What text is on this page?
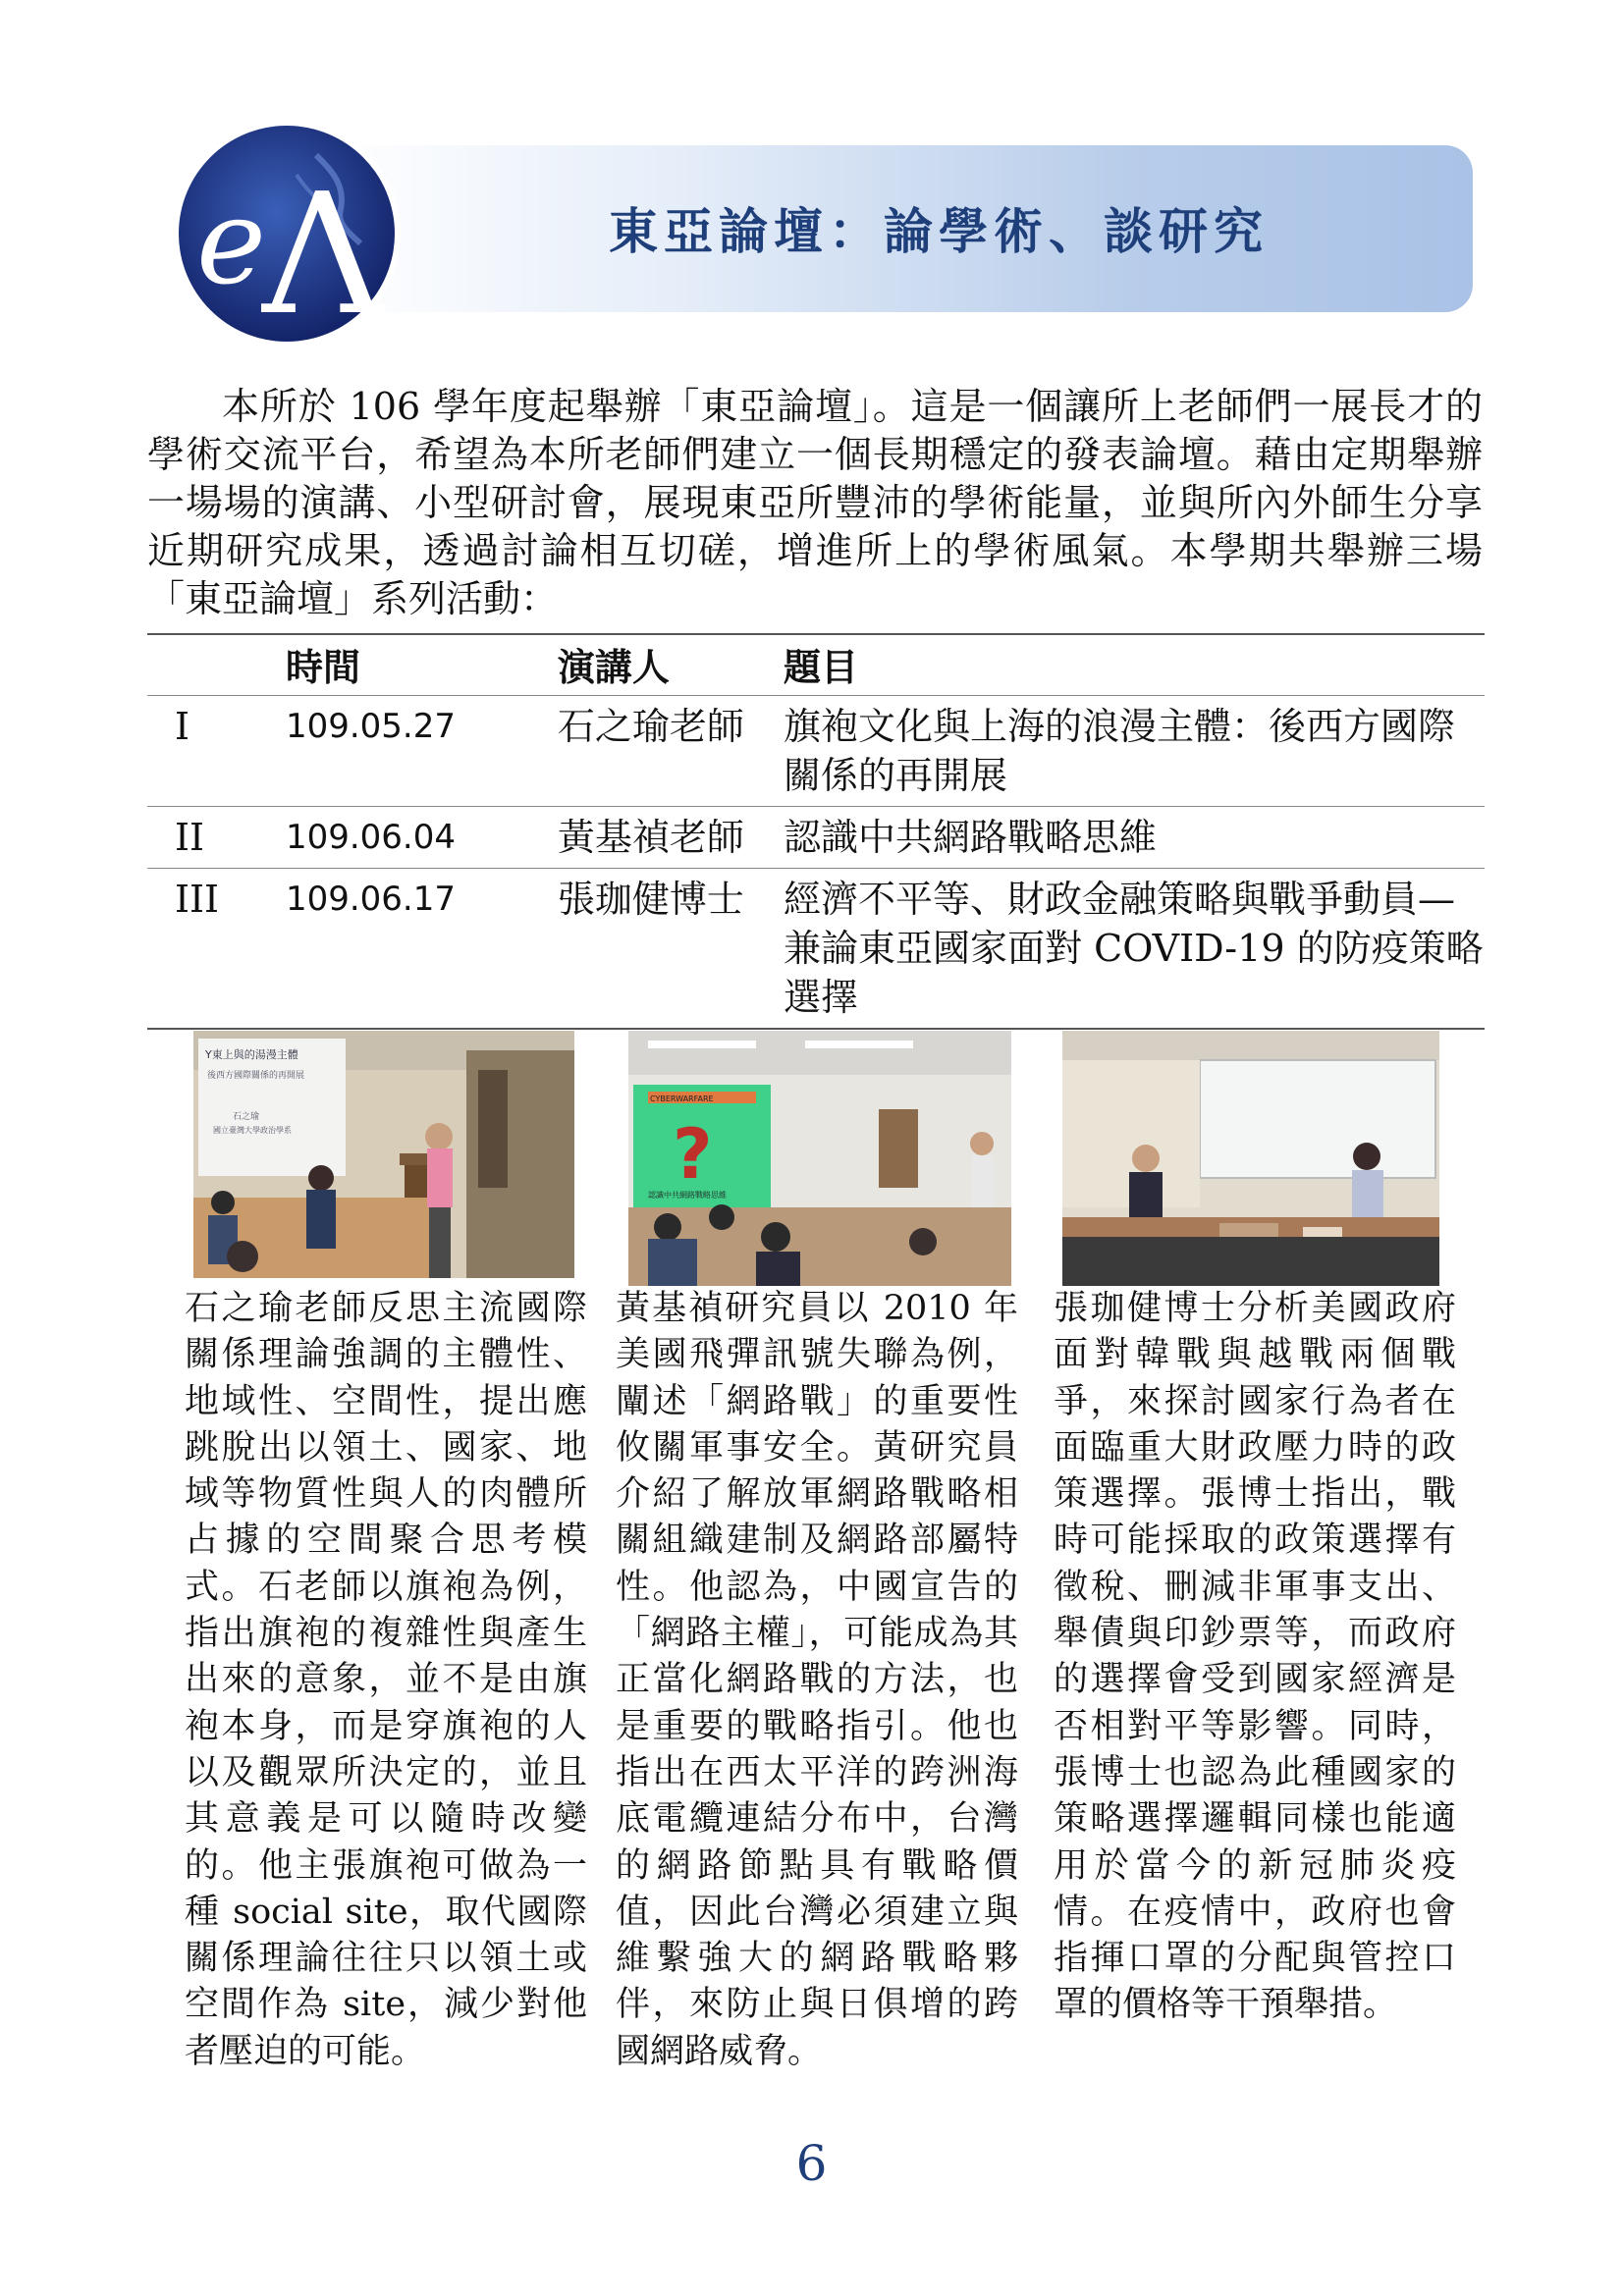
東亞論壇：論學術、談研究
e
Λ

本所於 106 學年度起舉辦「東亞論壇」。這是一個讓所上老師們一展長才的學術交流平台，希望為本所老師們建立一個長期穩定的發表論壇。藉由定期舉辦一場場的演講、小型研討會，展現東亞所豐沛的學術能量，並與所內外師生分享近期研究成果，透過討論相互切磋，增進所上的學術風氣。本學期共舉辦三場「東亞論壇」系列活動：

	時間	演講人	題目
I	109.05.27	石之瑜老師	旗袍文化與上海的浪漫主體：後西方國際關係的再開展
II	109.06.04	黃基禎老師	認識中共網路戰略思維
III	109.06.17	張珈健博士	經濟不平等、財政金融策略與戰爭動員—兼論東亞國家面對 COVID-19 的防疫策略選擇
Y東上與的湯漫主體
後西方國際關係的再開展
石之瑜
國立臺灣大學政治學系
CYBERWARFARE
?
認識中共網路戰略思維

石之瑜老師反思主流國際關係理論強調的主體性、地域性、空間性，提出應跳脫出以領土、國家、地域等物質性與人的肉體所占據的空間聚合思考模式。石老師以旗袍為例，指出旗袍的複雜性與產生出來的意象，並不是由旗袍本身，而是穿旗袍的人以及觀眾所決定的，並且其意義是可以隨時改變的。他主張旗袍可做為一種 social site，取代國際關係理論往往只以領土或空間作為 site，減少對他者壓迫的可能。

黃基禎研究員以 2010 年美國飛彈訊號失聯為例，闡述「網路戰」的重要性攸關軍事安全。黃研究員介紹了解放軍網路戰略相關組織建制及網路部屬特性。他認為，中國宣告的「網路主權」，可能成為其正當化網路戰的方法，也是重要的戰略指引。他也指出在西太平洋的跨洲海底電纜連結分布中，台灣的網路節點具有戰略價值，因此台灣必須建立與維繫強大的網路戰略夥伴，來防止與日俱增的跨國網路威脅。

張珈健博士分析美國政府面對韓戰與越戰兩個戰爭，來探討國家行為者在面臨重大財政壓力時的政策選擇。張博士指出，戰時可能採取的政策選擇有徵稅、刪減非軍事支出、舉債與印鈔票等，而政府的選擇會受到國家經濟是否相對平等影響。同時，張博士也認為此種國家的策略選擇邏輯同樣也能適用於當今的新冠肺炎疫情。在疫情中，政府也會指揮口罩的分配與管控口罩的價格等干預舉措。

6
